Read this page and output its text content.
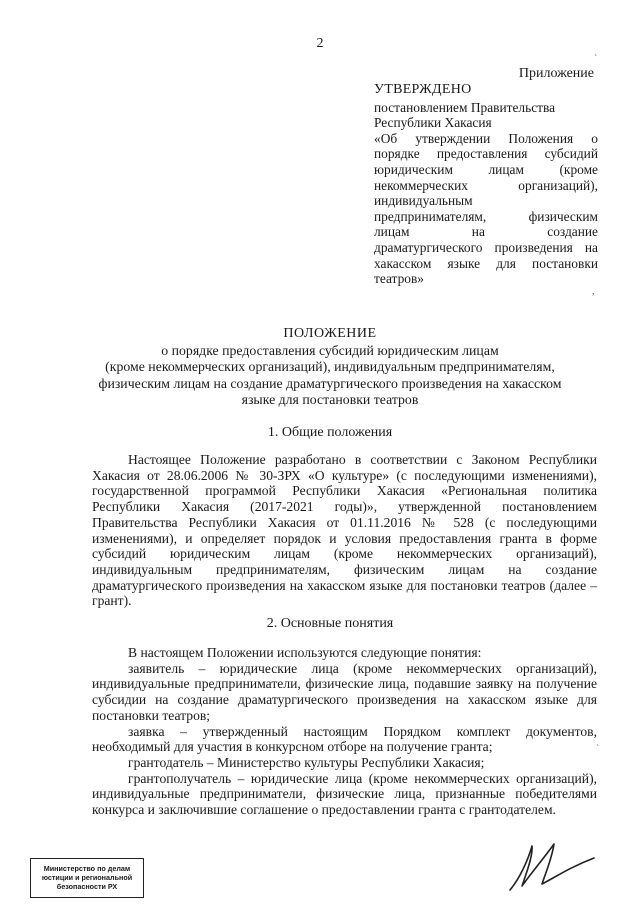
2
`
Приложение
УТВЕРЖДЕНО
постановлением Правительства
Республики Хакасия
«Об утверждении Положения о
порядке предоставления субсидий
юридическим лицам (кроме
некоммерческих организаций),
индивидуальным
предпринимателям, физическим
лицам на создание
драматургического произведения на
хакасском языке для постановки
театров»
,
ПОЛОЖЕНИЕ
о порядке предоставления субсидий юридическим лицам
(кроме некоммерческих организаций), индивидуальным предпринимателям,
физическим лицам на создание драматургического произведения на хакасском
языке для постановки театров
1. Общие положения

Настоящее Положение разработано в соответствии с Законом Республики Хакасия от 28.06.2006 № 30-ЗРХ «О культуре» (с последующими изменениями), государственной программой Республики Хакасия «Региональная политика Республики Хакасия (2017-2021 годы)», утвержденной постановлением Правительства Республики Хакасия от 01.11.2016 № 528 (с последующими изменениями), и определяет порядок и условия предоставления гранта в форме субсидий юридическим лицам (кроме некоммерческих организаций), индивидуальным предпринимателям, физическим лицам на создание драматургического произведения на хакасском языке для постановки театров (далее – грант).

2. Основные понятия

В настоящем Положении используются следующие понятия:

заявитель – юридические лица (кроме некоммерческих организаций), индивидуальные предприниматели, физические лица, подавшие заявку на получение субсидии на создание драматургического произведения на хакасском языке для постановки театров;

заявка – утвержденный настоящим Порядком комплект документов, необходимый для участия в конкурсном отборе на получение гранта;

грантодатель – Министерство культуры Республики Хакасия;

грантополучатель – юридические лица (кроме некоммерческих организаций), индивидуальные предприниматели, физические лица, признанные победителями конкурса и заключившие соглашение о предоставлении гранта с грантодателем.

`
Министерство по делам
юстиции и региональной
безопасности РХ
